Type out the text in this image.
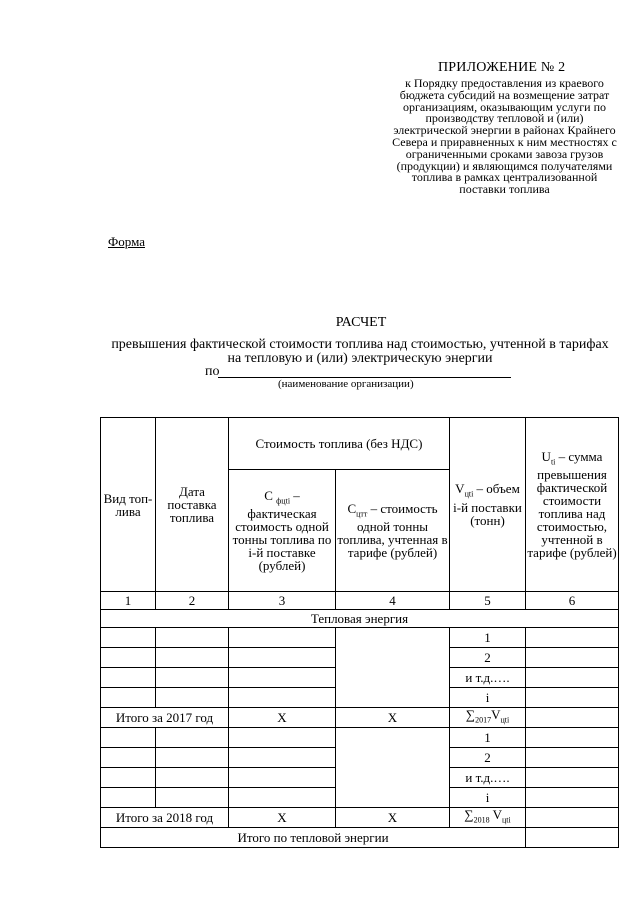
ПРИЛОЖЕНИЕ № 2
к Порядку предоставления из краевого бюджета субсидий на возмещение затрат организациям, оказывающим услуги по производству тепловой и (или) электрической энергии в районах Крайнего Севера и приравненных к ним местностях с ограниченными сроками завоза грузов (продукции) и являющимся получателями топлива в рамках централизованной поставки топлива
Форма
РАСЧЕТ
превышения фактической стоимости топлива над стоимостью, учтенной в тарифах на тепловую и (или) электрическую энергии
по
(наименование организации)
Вид топ-лива	Дата поставка топлива	Стоимость топлива (без НДС)		$V_{цti}$ – объем i-й поставки (тонн)	$U_{ti}$ – сумма превышения фактической стоимости топлива над стоимостью, учтенной в тарифе (рублей)
		C $_{фцti}$ – фактическая стоимость одной тонны топлива по i-й поставке (рублей)	$C_{цтт}$ – стоимость одной тонны топлива, учтенная в тарифе (рублей)		
1	2	3	4	5	6
Тепловая энергия					
				1	
				2	
				и т.д.….	
				i	
Итого за 2017 год		Х	Х	$\sum_{2017}V_{цti}$	
				1	
				2	
				и т.д.….	
				i	
Итого за 2018 год		Х	Х	$\sum_{2018}$ $V_{цti}$	
Итого по тепловой энергии					
